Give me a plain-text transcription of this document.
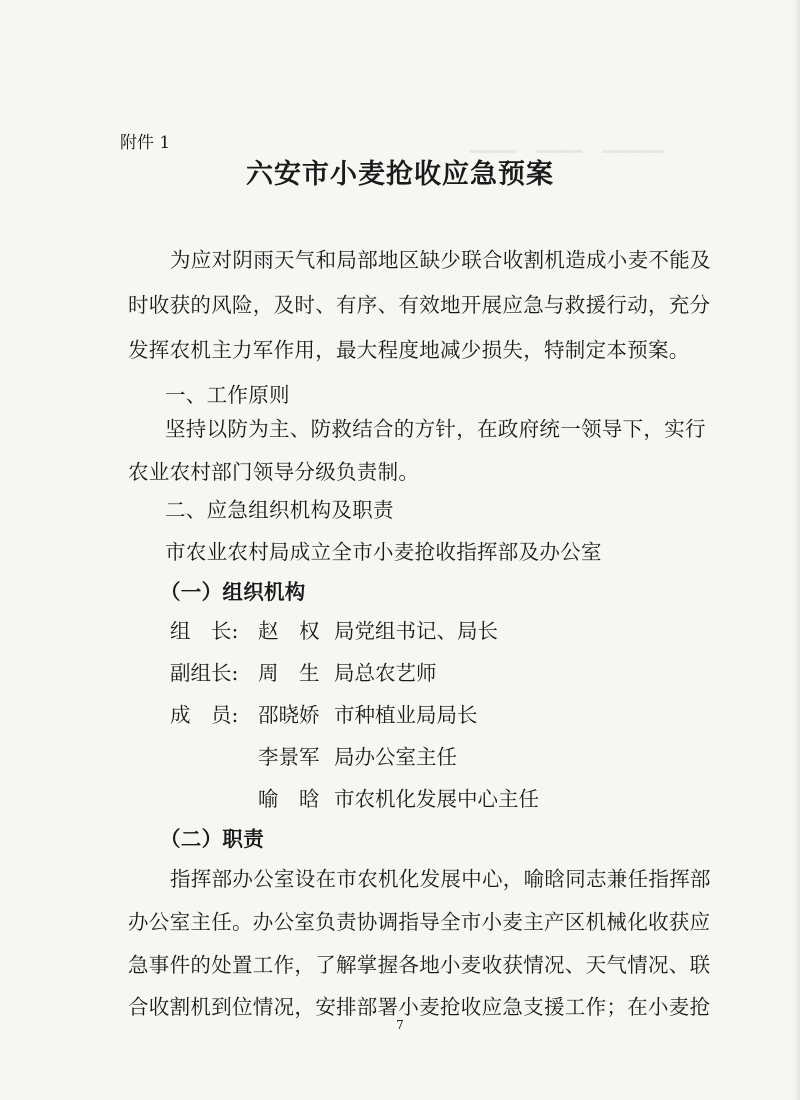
▁▁▁　▁▁▁　▁▁▁▁
附件 1
六安市小麦抢收应急预案
为应对阴雨天气和局部地区缺少联合收割机造成小麦不能及
时收获的风险，及时、有序、有效地开展应急与救援行动，充分
发挥农机主力军作用，最大程度地减少损失，特制定本预案。
一、工作原则
坚持以防为主、防救结合的方针，在政府统一领导下，实行
农业农村部门领导分级负责制。
二、应急组织机构及职责
市农业农村局成立全市小麦抢收指挥部及办公室
（一）组织机构
组　长: 赵　权 局党组书记、局长
副组长: 周　生 局总农艺师
成　员: 邵晓娇 市种植业局局长
李景军 局办公室主任
喻　晗 市农机化发展中心主任
（二）职责
指挥部办公室设在市农机化发展中心，喻晗同志兼任指挥部
办公室主任。办公室负责协调指导全市小麦主产区机械化收获应
急事件的处置工作，了解掌握各地小麦收获情况、天气情况、联
合收割机到位情况，安排部署小麦抢收应急支援工作；在小麦抢
7
